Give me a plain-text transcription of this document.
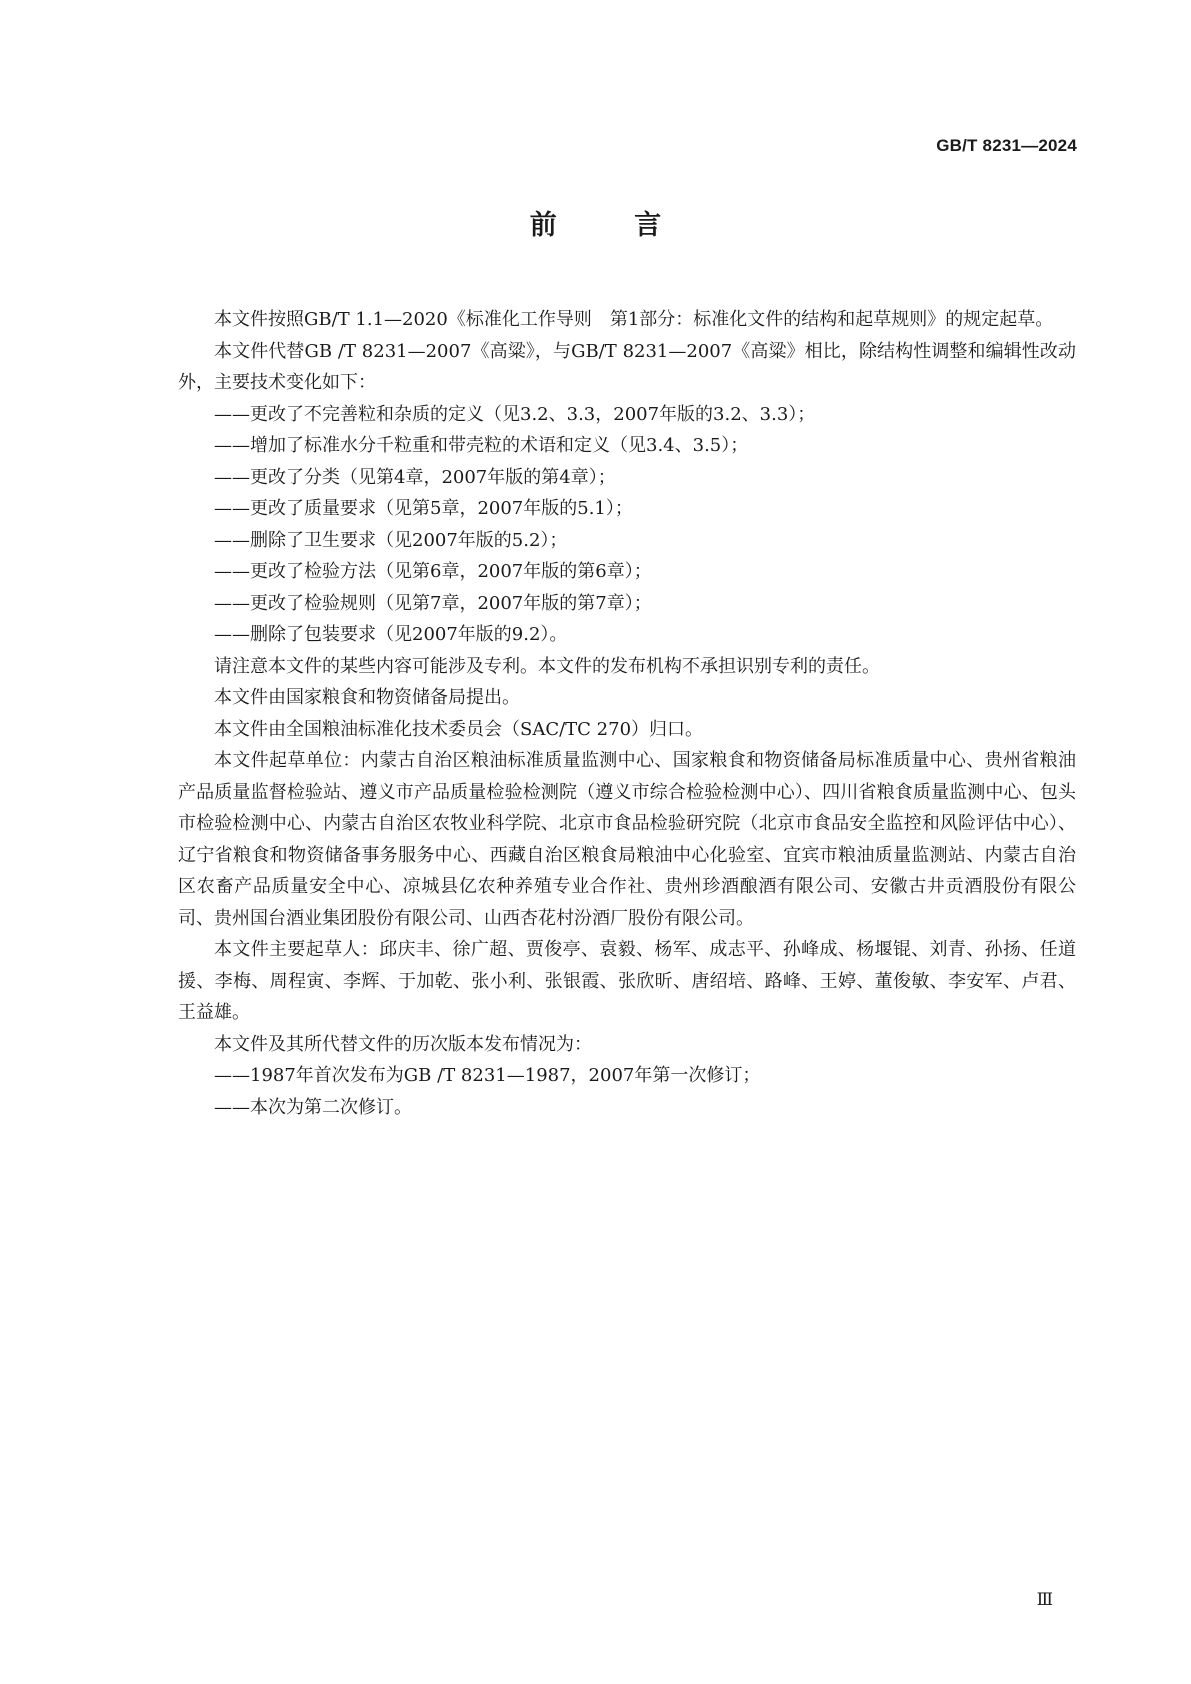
GB/T 8231—2024
前 言

本文件按照GB/T 1.1—2020《标准化工作导则　第1部分：标准化文件的结构和起草规则》的规定起草。

本文件代替GB /T 8231—2007《高粱》，与GB/T 8231—2007《高粱》相比，除结构性调整和编辑性改动外，主要技术变化如下：

——更改了不完善粒和杂质的定义（见3.2、3.3，2007年版的3.2、3.3）；

——增加了标准水分千粒重和带壳粒的术语和定义（见3.4、3.5）；

——更改了分类（见第4章，2007年版的第4章）；

——更改了质量要求（见第5章，2007年版的5.1）；

——删除了卫生要求（见2007年版的5.2）；

——更改了检验方法（见第6章，2007年版的第6章）；

——更改了检验规则（见第7章，2007年版的第7章）；

——删除了包装要求（见2007年版的9.2）。

请注意本文件的某些内容可能涉及专利。本文件的发布机构不承担识别专利的责任。

本文件由国家粮食和物资储备局提出。

本文件由全国粮油标准化技术委员会（SAC/TC 270）归口。

本文件起草单位：内蒙古自治区粮油标准质量监测中心、国家粮食和物资储备局标准质量中心、贵州省粮油产品质量监督检验站、遵义市产品质量检验检测院（遵义市综合检验检测中心）、四川省粮食质量监测中心、包头市检验检测中心、内蒙古自治区农牧业科学院、北京市食品检验研究院（北京市食品安全监控和风险评估中心）、辽宁省粮食和物资储备事务服务中心、西藏自治区粮食局粮油中心化验室、宜宾市粮油质量监测站、内蒙古自治区农畜产品质量安全中心、凉城县亿农种养殖专业合作社、贵州珍酒酿酒有限公司、安徽古井贡酒股份有限公司、贵州国台酒业集团股份有限公司、山西杏花村汾酒厂股份有限公司。

本文件主要起草人：邱庆丰、徐广超、贾俊亭、袁毅、杨军、成志平、孙峰成、杨堰锟、刘青、孙扬、任道援、李梅、周程寅、李辉、于加乾、张小利、张银霞、张欣昕、唐绍培、路峰、王婷、董俊敏、李安军、卢君、王益雄。

本文件及其所代替文件的历次版本发布情况为：

——1987年首次发布为GB /T 8231—1987，2007年第一次修订；

——本次为第二次修订。

Ⅲ
